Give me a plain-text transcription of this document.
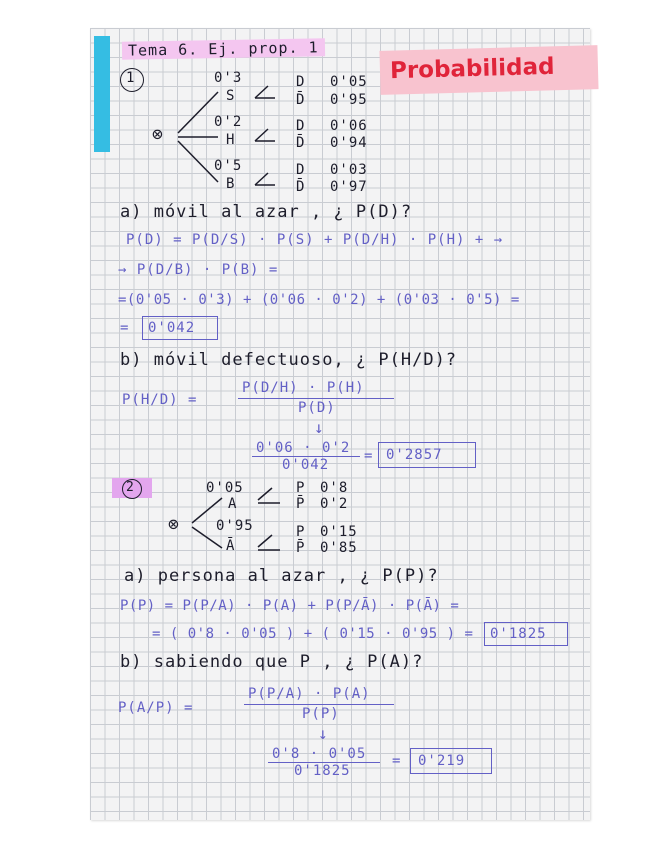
Tema 6. Ej. prop. 1
Probabilidad
1
⊗
0'3
S
D 0'05
D̄ 0'95
0'2
H
D 0'06
D̄ 0'94
0'5
B
D 0'03
D̄ 0'97
a) móvil al azar , ¿ P(D)?
P(D) = P(D/S) · P(S) + P(D/H) · P(H) + →
→ P(D/B) · P(B) =
=(0'05 · 0'3) + (0'06 · 0'2) + (0'03 · 0'5) =
= 0'042
b) móvil defectuoso, ¿ P(H/D)?
P(H/D) =
P(D/H) · P(H)
P(D)
↓
0'06 · 0'2
0'042
= 0'2857
2
⊗
0'05
A
P 0'8
P̄ 0'2
0'95
Ā
P 0'15
P̄ 0'85
a) persona al azar , ¿ P(P)?
P(P) = P(P/A) · P(A) + P(P/Ā) · P(Ā) =
= ( 0'8 · 0'05 ) + ( 0'15 · 0'95 ) = 0'1825
b) sabiendo que P , ¿ P(A)?
P(A/P) =
P(P/A) · P(A)
P(P)
↓
0'8 · 0'05
0'1825
= 0'219
